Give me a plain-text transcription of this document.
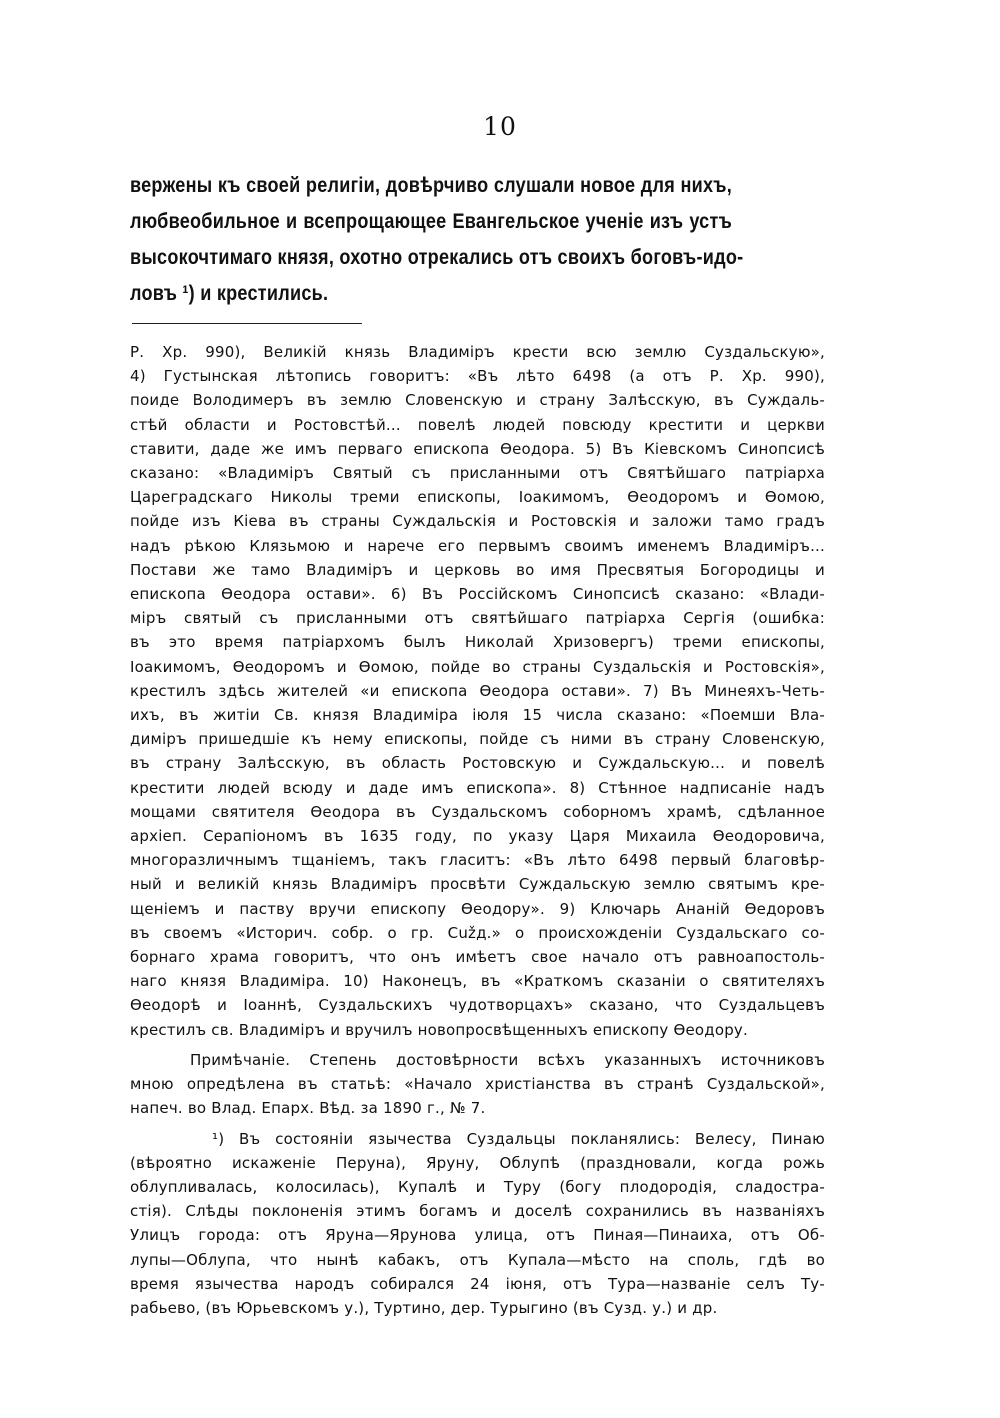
10
вержены къ своей религіи, довѣрчиво слушали новое для нихъ,
любвеобильное и всепрощающее Евангельское ученіе изъ устъ
высокочтимаго князя, охотно отрекались отъ своихъ боговъ-идо-
ловъ ¹) и крестились.
Р. Хр. 990), Великій князь Владиміръ крести всю землю Суздальскую»,
4) Густынская лѣтопись говоритъ: «Въ лѣто 6498 (а отъ Р. Хр. 990),
поиде Володимеръ въ землю Словенскую и страну Залѣсскую, въ Суждаль-
стѣй области и Ростовстѣй... повелѣ людей повсюду крестити и церкви
ставити, даде же имъ перваго епископа Ѳеодора. 5) Въ Кіевскомъ Синопсисѣ
сказано: «Владиміръ Святый съ присланными отъ Святѣйшаго патріарха
Цареградскаго Николы треми епископы, Іоакимомъ, Ѳеодоромъ и Ѳомою,
пойде изъ Кіева въ страны Суждальскія и Ростовскія и заложи тамо градъ
надъ рѣкою Клязьмою и нарече его первымъ своимъ именемъ Владиміръ...
Постави же тамо Владиміръ и церковь во имя Пресвятыя Богородицы и
епископа Ѳеодора остави». 6) Въ Россійскомъ Синопсисѣ сказано: «Влади-
міръ святый съ присланными отъ святѣйшаго патріарха Сергія (ошибка:
въ это время патріархомъ былъ Николай Хризовергъ) треми епископы,
Іоакимомъ, Ѳеодоромъ и Ѳомою, пойде во страны Суздальскія и Ростовскія»,
крестилъ здѣсь жителей «и епископа Ѳеодора остави». 7) Въ Минеяхъ-Четь-
ихъ, въ житіи Св. князя Владиміра іюля 15 числа сказано: «Поемши Вла-
диміръ пришедшіе къ нему епископы, пойде съ ними въ страну Словенскую,
въ страну Залѣсскую, въ область Ростовскую и Суждальскую... и повелѣ
крестити людей всюду и даде имъ епископа». 8) Стѣнное надписаніе надъ
мощами святителя Ѳеодора въ Суздальскомъ соборномъ храмѣ, сдѣланное
архіеп. Серапіономъ въ 1635 году, по указу Царя Михаила Ѳеодоровича,
многоразличнымъ тщаніемъ, такъ гласитъ: «Въ лѣто 6498 первый благовѣр-
ный и великій князь Владиміръ просвѣти Суждальскую землю святымъ кре-
щеніемъ и паству вручи епископу Ѳеодору». 9) Ключарь Ананій Ѳедоровъ
въ своемъ «Историч. собр. о гр. Сužд.» о происхожденіи Суздальскаго со-
борнаго храма говоритъ, что онъ имѣетъ свое начало отъ равноапостоль-
наго князя Владиміра. 10) Наконецъ, въ «Краткомъ сказаніи о святителяхъ
Ѳеодорѣ и Іоаннѣ, Суздальскихъ чудотворцахъ» сказано, что Суздальцевъ
крестилъ св. Владиміръ и вручилъ новопросвѣщенныхъ епископу Ѳеодору.
Примѣчаніе. Степень достовѣрности всѣхъ указанныхъ источниковъ
мною опредѣлена въ статьѣ: «Начало христіанства въ странѣ Суздальской»,
напеч. во Влад. Епарх. Вѣд. за 1890 г., № 7.
¹) Въ состояніи язычества Суздальцы покланялись: Велесу, Пинаю
(вѣроятно искаженіе Перуна), Яруну, Облупѣ (праздновали, когда рожь
облупливалась, колосилась), Купалѣ и Туру (богу плодородія, сладостра-
стія). Слѣды поклоненія этимъ богамъ и доселѣ сохранились въ названіяхъ
Улицъ города: отъ Яруна—Ярунова улица, отъ Пиная—Пинаиха, отъ Об-
лупы—Облупа, что нынѣ кабакъ, отъ Купала—мѣсто на споль, гдѣ во
время язычества народъ собирался 24 іюня, отъ Тура—названіе селъ Ту-
рабьево, (въ Юрьевскомъ у.), Туртино, дер. Турыгино (въ Сузд. у.) и др.
